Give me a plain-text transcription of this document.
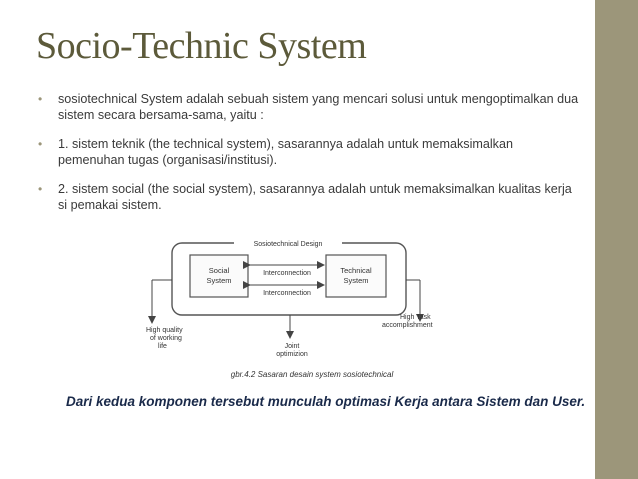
Socio-Technic System
• sosiotechnical System adalah sebuah sistem yang mencari solusi untuk mengoptimalkan dua sistem secara bersama-sama, yaitu :
• 1. sistem teknik (the technical system), sasarannya adalah untuk memaksimalkan pemenuhan tugas (organisasi/institusi).
• 2. sistem social (the social system), sasarannya adalah untuk memaksimalkan kualitas kerja si pemakai sistem.
Sosiotechnical Design
Social
System
Technical
System
Interconnection
Interconnection
High quality
of working
life
High Task
accomplishment
Joint
optimizion
gbr.4.2 Sasaran desain system sosiotechnical
Dari kedua komponen tersebut munculah optimasi Kerja antara Sistem dan User.
